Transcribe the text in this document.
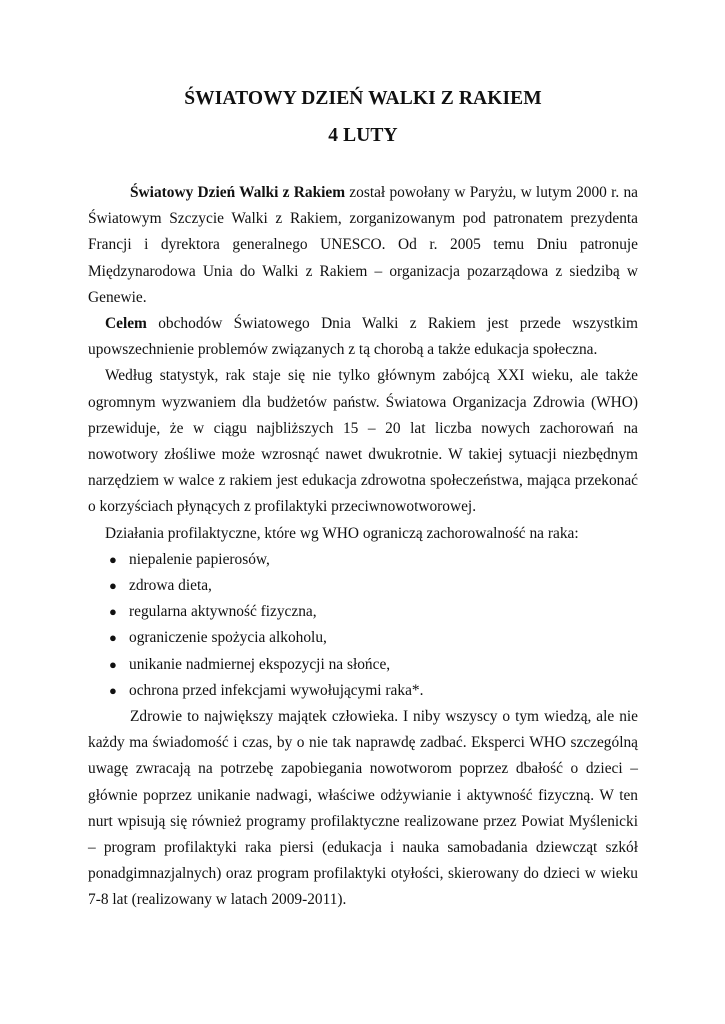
ŚWIATOWY DZIEŃ WALKI Z RAKIEM
4 LUTY

Światowy Dzień Walki z Rakiem został powołany w Paryżu, w lutym 2000 r. na Światowym Szczycie Walki z Rakiem, zorganizowanym pod patronatem prezydenta Francji i dyrektora generalnego UNESCO. Od r. 2005 temu Dniu patronuje Międzynarodowa Unia do Walki z Rakiem – organizacja pozarządowa z siedzibą w Genewie.

Celem obchodów Światowego Dnia Walki z Rakiem jest przede wszystkim upowszechnienie problemów związanych z tą chorobą a także edukacja społeczna.

Według statystyk, rak staje się nie tylko głównym zabójcą XXI wieku, ale także ogromnym wyzwaniem dla budżetów państw. Światowa Organizacja Zdrowia (WHO) przewiduje, że w ciągu najbliższych 15 – 20 lat liczba nowych zachorowań na nowotwory złośliwe może wzrosnąć nawet dwukrotnie. W takiej sytuacji niezbędnym narzędziem w walce z rakiem jest edukacja zdrowotna społeczeństwa, mająca przekonać o korzyściach płynących z profilaktyki przeciwnowotworowej.

Działania profilaktyczne, które wg WHO ograniczą zachorowalność na raka:

● niepalenie papierosów,
● zdrowa dieta,
● regularna aktywność fizyczna,
● ograniczenie spożycia alkoholu,
● unikanie nadmiernej ekspozycji na słońce,
● ochrona przed infekcjami wywołującymi raka*.

Zdrowie to największy majątek człowieka. I niby wszyscy o tym wiedzą, ale nie każdy ma świadomość i czas, by o nie tak naprawdę zadbać. Eksperci WHO szczególną uwagę zwracają na potrzebę zapobiegania nowotworom poprzez dbałość o dzieci – głównie poprzez unikanie nadwagi, właściwe odżywianie i aktywność fizyczną. W ten nurt wpisują się również programy profilaktyczne realizowane przez Powiat Myślenicki – program profilaktyki raka piersi (edukacja i nauka samobadania dziewcząt szkół ponadgimnazjalnych) oraz program profilaktyki otyłości, skierowany do dzieci w wieku 7-8 lat (realizowany w latach 2009-2011).
